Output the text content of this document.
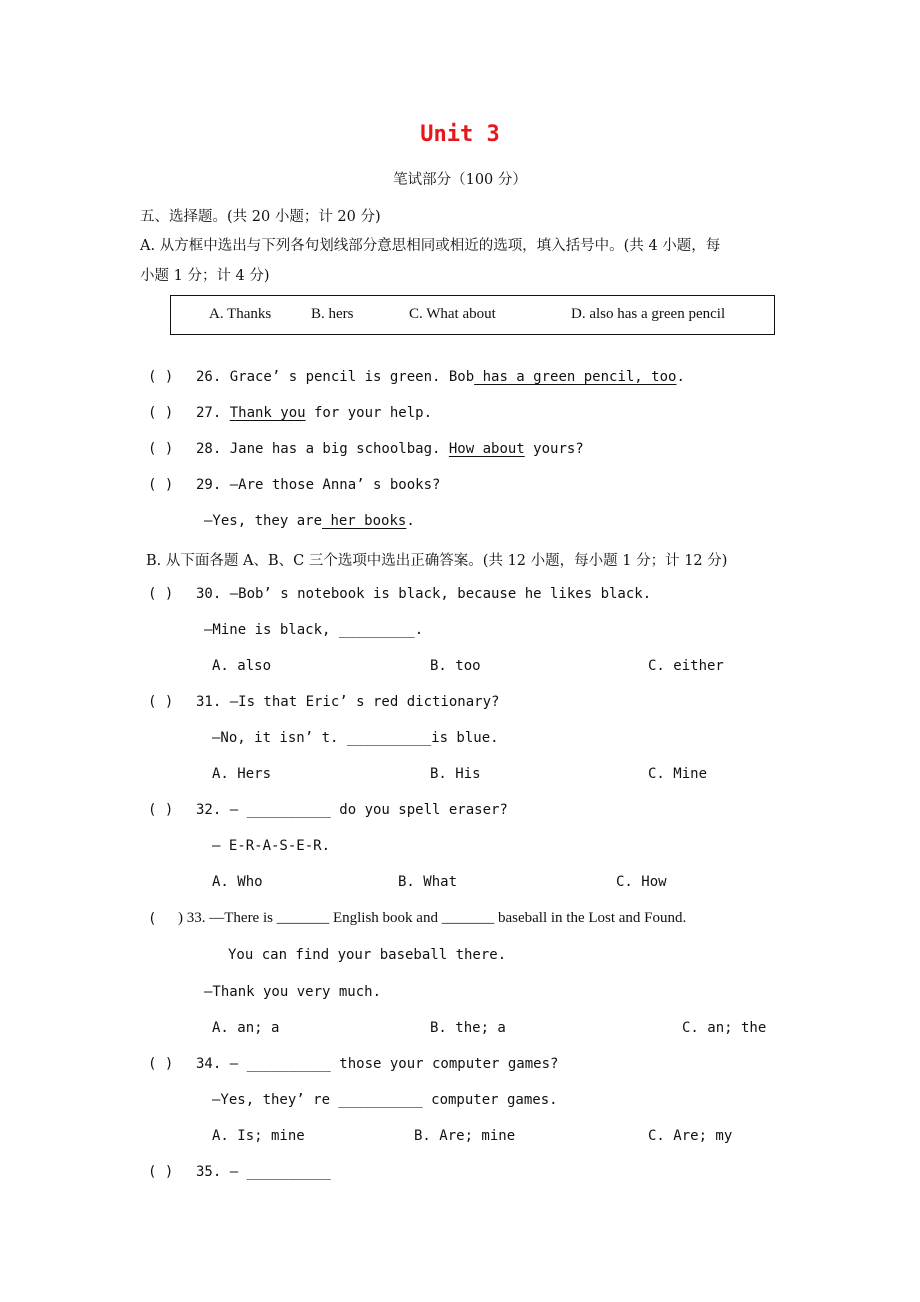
Unit 3
笔试部分（100 分）
五、选择题。(共 20 小题；计 20 分)
A. 从方框中选出与下列各句划线部分意思相同或相近的选项，填入括号中。(共 4 小题，每
小题 1 分；计 4 分)
A. Thanks	B. hers	C. What about	D. also has a green pencil
( ) 26. Grace’ s pencil is green. Bob has a green pencil, too.
( ) 27. Thank you for your help.
( ) 28. Jane has a big schoolbag. How about yours?
( ) 29. —Are those Anna’ s books?
—Yes, they are her books.
B. 从下面各题 A、B、C 三个选项中选出正确答案。(共 12 小题，每小题 1 分；计 12 分)
( ) 30. —Bob’ s notebook is black, because he likes black.
—Mine is black, _________.
A. also	B. too	C. either
( ) 31. —Is that Eric’ s red dictionary?
—No, it isn’ t. __________is blue.
A. Hers	B. His	C. Mine
( ) 32. — __________ do you spell eraser?
— E-R-A-S-E-R.
A. Who	B. What	C. How
( ) 33. —There is _______ English book and _______ baseball in the Lost and Found.
You can find your baseball there.
—Thank you very much.
A. an; a	B. the; a	C. an; the
( ) 34. — __________ those your computer games?
—Yes, they’ re __________ computer games.
A. Is; mine	B. Are; mine	C. Are; my
( ) 35. — __________
